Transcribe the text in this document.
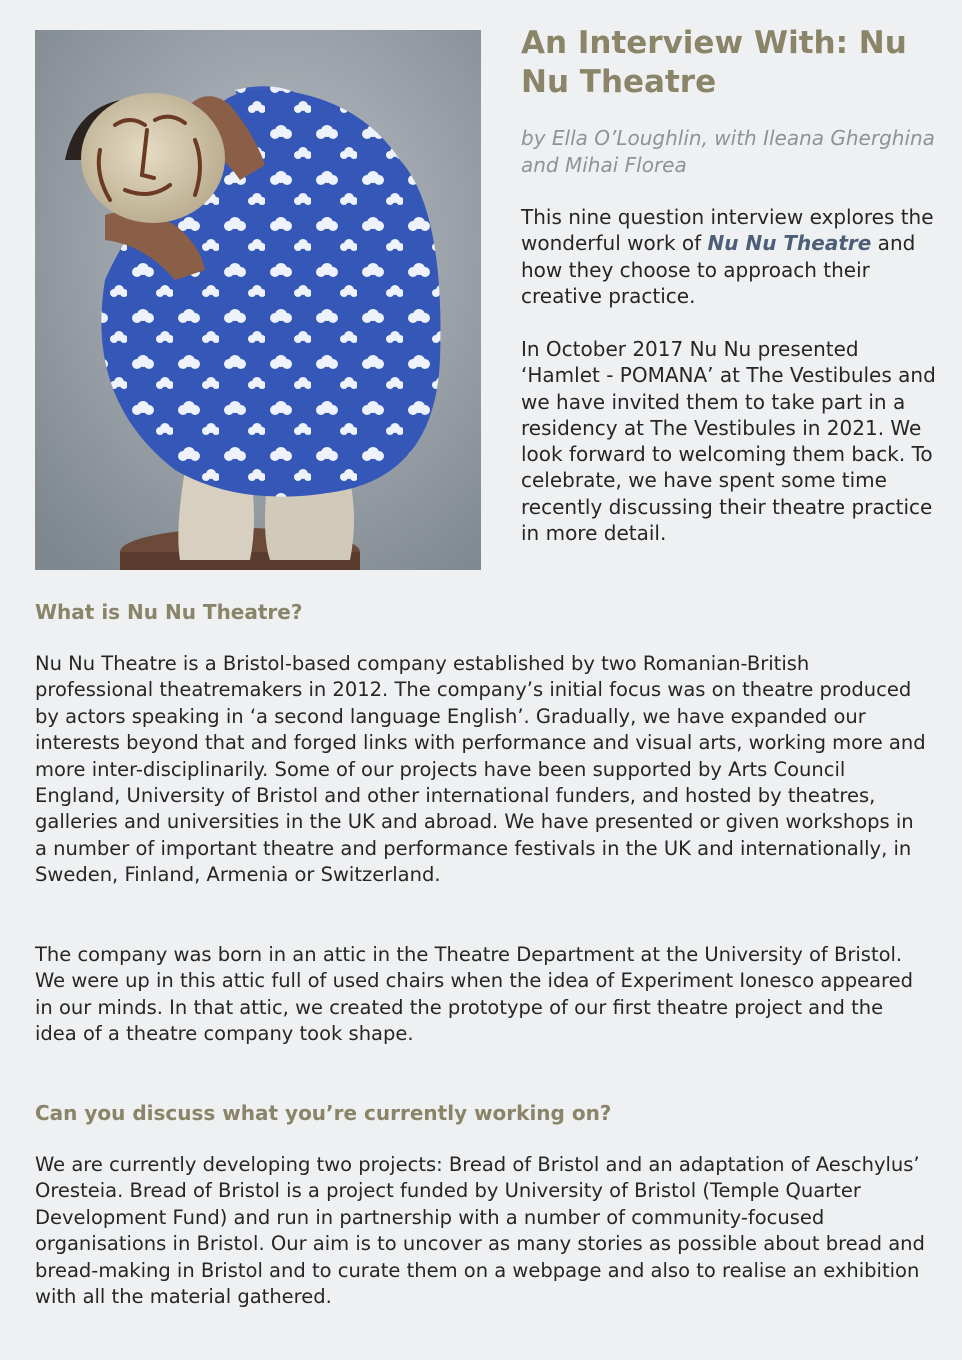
An Interview With: Nu Nu Theatre
by Ella O’Loughlin, with Ileana Gherghina and Mihai Florea

This nine question interview explores the wonderful work of Nu Nu Theatre and how they choose to approach their creative practice.

In October 2017 Nu Nu presented ‘Hamlet - POMANA’ at The Vestibules and we have invited them to take part in a residency at The Vestibules in 2021. We look forward to welcoming them back. To celebrate, we have spent some time recently discussing their theatre practice in more detail.

What is Nu Nu Theatre?

Nu Nu Theatre is a Bristol-based company established by two Romanian-British professional theatremakers in 2012. The company’s initial focus was on theatre produced by actors speaking in ‘a second language English’. Gradually, we have expanded our interests beyond that and forged links with performance and visual arts, working more and more inter-disciplinarily. Some of our projects have been supported by Arts Council England, University of Bristol and other international funders, and hosted by theatres, galleries and universities in the UK and abroad. We have presented or given workshops in a number of important theatre and performance festivals in the UK and internationally, in Sweden, Finland, Armenia or Switzerland.

The company was born in an attic in the Theatre Department at the University of Bristol. We were up in this attic full of used chairs when the idea of Experiment Ionesco appeared in our minds. In that attic, we created the prototype of our first theatre project and the idea of a theatre company took shape.

Can you discuss what you’re currently working on?

We are currently developing two projects: Bread of Bristol and an adaptation of Aeschylus’ Oresteia. Bread of Bristol is a project funded by University of Bristol (Temple Quarter Development Fund) and run in partnership with a number of community-focused organisations in Bristol. Our aim is to uncover as many stories as possible about bread and bread-making in Bristol and to curate them on a webpage and also to realise an exhibition with all the material gathered.
